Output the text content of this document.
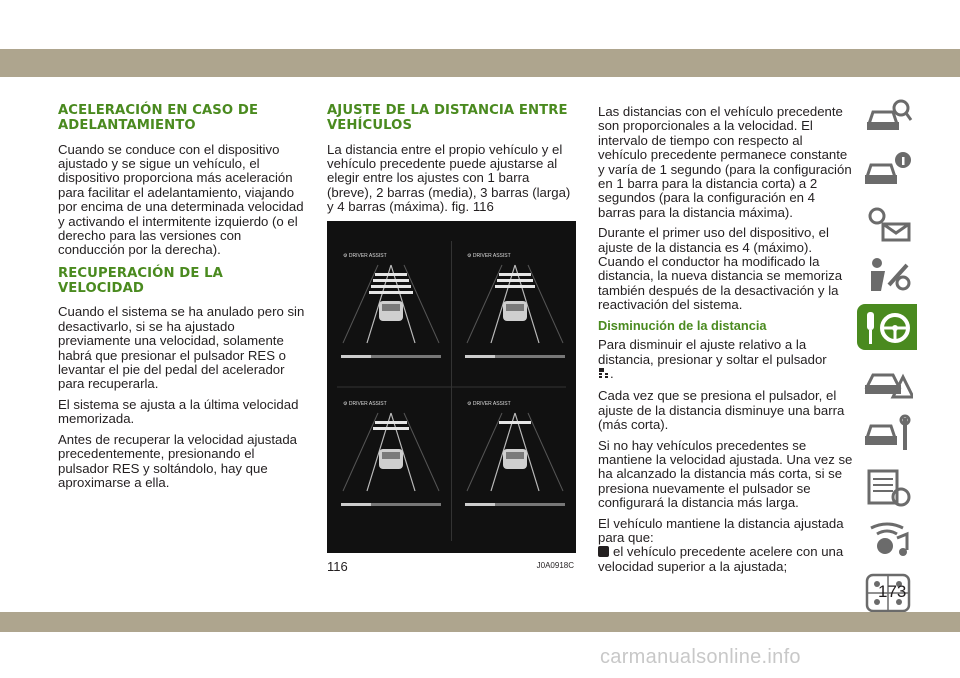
ACELERACIÓN EN CASO DE ADELANTAMIENTO

Cuando se conduce con el dispositivo ajustado y se sigue un vehículo, el dispositivo proporciona más aceleración para facilitar el adelantamiento, viajando por encima de una determinada velocidad y activando el intermitente izquierdo (o el derecho para las versiones con conducción por la derecha).

RECUPERACIÓN DE LA VELOCIDAD

Cuando el sistema se ha anulado pero sin desactivarlo, si se ha ajustado previamente una velocidad, solamente habrá que presionar el pulsador RES o levantar el pie del pedal del acelerador para recuperarla.

El sistema se ajusta a la última velocidad memorizada.

Antes de recuperar la velocidad ajustada precedentemente, presionando el pulsador RES y soltándolo, hay que aproximarse a ella.

AJUSTE DE LA DISTANCIA ENTRE VEHÍCULOS

La distancia entre el propio vehículo y el vehículo precedente puede ajustarse al elegir entre los ajustes con 1 barra (breve), 2 barras (media), 3 barras (larga) y 4 barras (máxima). fig. 116

⚙ DRIVER ASSIST	⚙ DRIVER ASSIST
⚙ DRIVER ASSIST	⚙ DRIVER ASSIST
116	J0A0918C

Las distancias con el vehículo precedente son proporcionales a la velocidad. El intervalo de tiempo con respecto al vehículo precedente permanece constante y varía de 1 segundo (para la configuración en 1 barra para la distancia corta) a 2 segundos (para la configuración en 4 barras para la distancia máxima).

Durante el primer uso del dispositivo, el ajuste de la distancia es 4 (máximo). Cuando el conductor ha modificado la distancia, la nueva distancia se memoriza también después de la desactivación y la reactivación del sistema.

Disminución de la distancia

Para disminuir el ajuste relativo a la distancia, presionar y soltar el pulsador
.

Cada vez que se presiona el pulsador, el ajuste de la distancia disminuye una barra (más corta).

Si no hay vehículos precedentes se mantiene la velocidad ajustada. Una vez se ha alcanzado la distancia más corta, si se presiona nuevamente el pulsador se configurará la distancia más larga.

El vehículo mantiene la distancia ajustada para que:

el vehículo precedente acelere con una velocidad superior a la ajustada;

173
carmanualsonline.info
